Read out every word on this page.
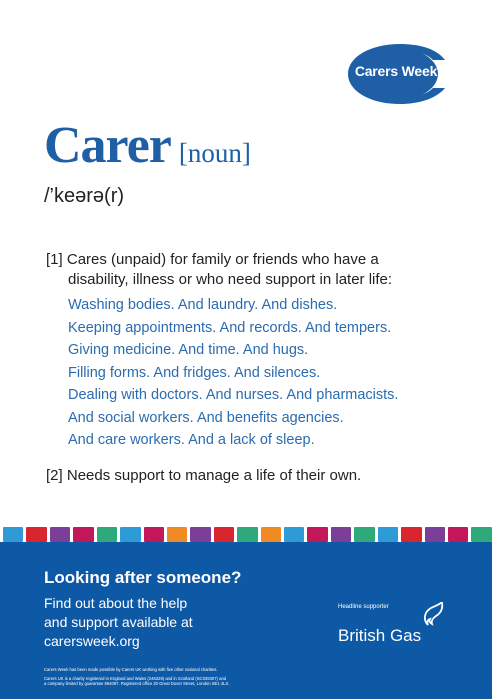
Carers Week
Carer [noun]
/’keərə(r)
[1] Cares (unpaid) for family or friends who have a
disability, illness or who need support in later life:
Washing bodies. And laundry. And dishes.
Keeping appointments. And records. And tempers.
Giving medicine. And time. And hugs.
Filling forms. And fridges. And silences.
Dealing with doctors. And nurses. And pharmacists.
And social workers. And benefits agencies.
And care workers. And a lack of sleep.
[2] Needs support to manage a life of their own.
Looking after someone?
Find out about the help
and support available at
carersweek.org
Headline supporter
British Gas
Carers Week has been made possible by Carers UK working with five other national charities.
Carers UK is a charity registered in England and Wales (246329) and in Scotland (SC039307) and
a company limited by guarantee 864097. Registered office 20 Great Dover Street, London SE1 4LX.
